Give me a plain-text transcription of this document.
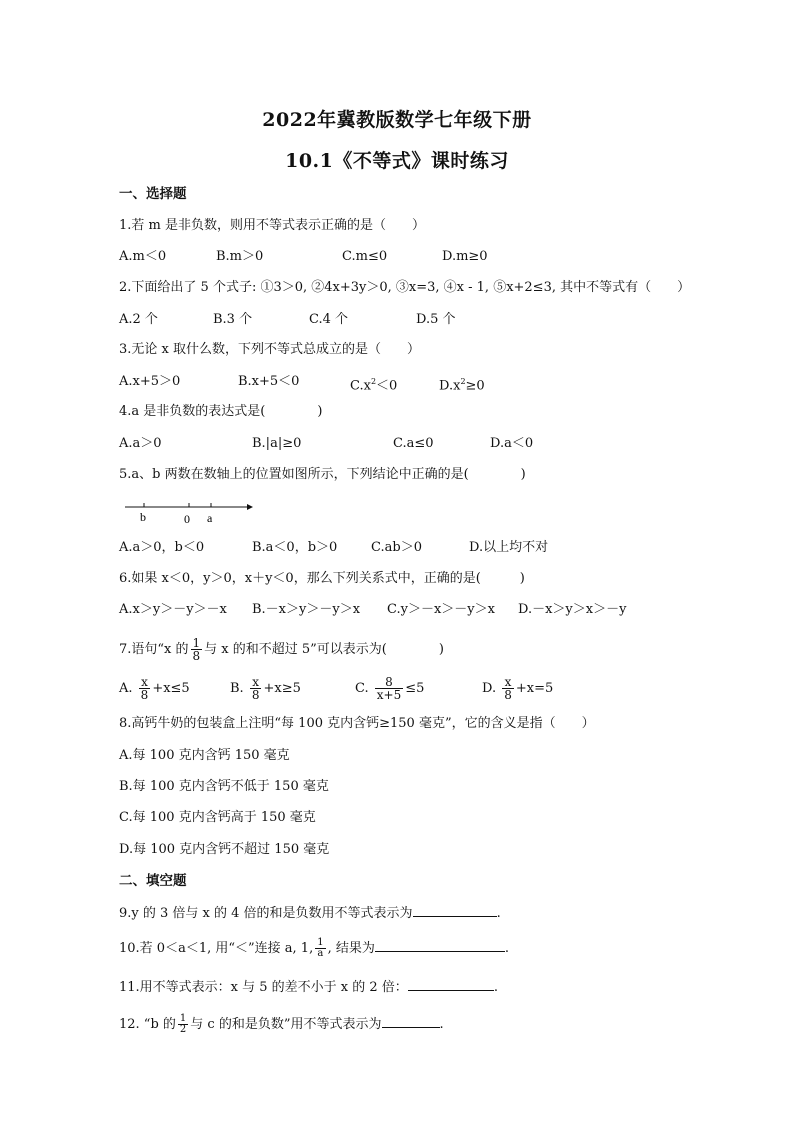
2022年冀教版数学七年级下册
10.1《不等式》课时练习
一、选择题
1.若 m 是非负数，则用不等式表示正确的是（　　）
A.m＜0	B.m＞0	C.m≤0	D.m≥0
2.下面给出了 5 个式子: ①3＞0, ②4x+3y＞0, ③x=3, ④x - 1, ⑤x+2≤3, 其中不等式有（　　）
A.2 个	B.3 个	C.4 个	D.5 个
3.无论 x 取什么数，下列不等式总成立的是（　　）
A.x+5＞0	B.x+5＜0	$C.x^2<0$	$D.x^2\ge 0$
4.a 是非负数的表达式是(　　　　)
A.a＞0	B.|a|≥0	C.a≤0	D.a＜0
5.a、b 两数在数轴上的位置如图所示，下列结论中正确的是(　　　　)
b	0 a
A.a＞0，b＜0	B.a＜0，b＞0	C.ab＞0	D.以上均不对
6.如果 x＜0，y＞0，x＋y＜0，那么下列关系式中，正确的是(　　　)
A.x＞y＞－y＞－x B.－x＞y＞－y＞x C.y＞－x＞－y＞x D.－x＞y＞x＞－y
7.语句“x 的 $\frac{1}{8}$ 与 x 的和不超过 5”可以表示为(　　　　)
A. $\frac{x}{8} +x\le 5$	B. $\frac{x}{8} +x\ge 5$	C. $\frac{8}{x+5} \le 5$	D. $\frac{x}{8} +x=5$
8.高钙牛奶的包装盒上注明“每 100 克内含钙≥150 毫克”，它的含义是指（　　）
A.每 100 克内含钙 150 毫克
B.每 100 克内含钙不低于 150 毫克
C.每 100 克内含钙高于 150 毫克
D.每 100 克内含钙不超过 150 毫克
二、填空题
9.y 的 3 倍与 x 的 4 倍的和是负数用不等式表示为	.
10.若 0＜a＜1, 用“＜”连接 a, 1, $\frac{1}{a}$ , 结果为	.
11.用不等式表示：x 与 5 的差不小于 x 的 2 倍：	.
12. “b 的 $\frac{1}{2}$ 与 c 的和是负数”用不等式表示为	.
